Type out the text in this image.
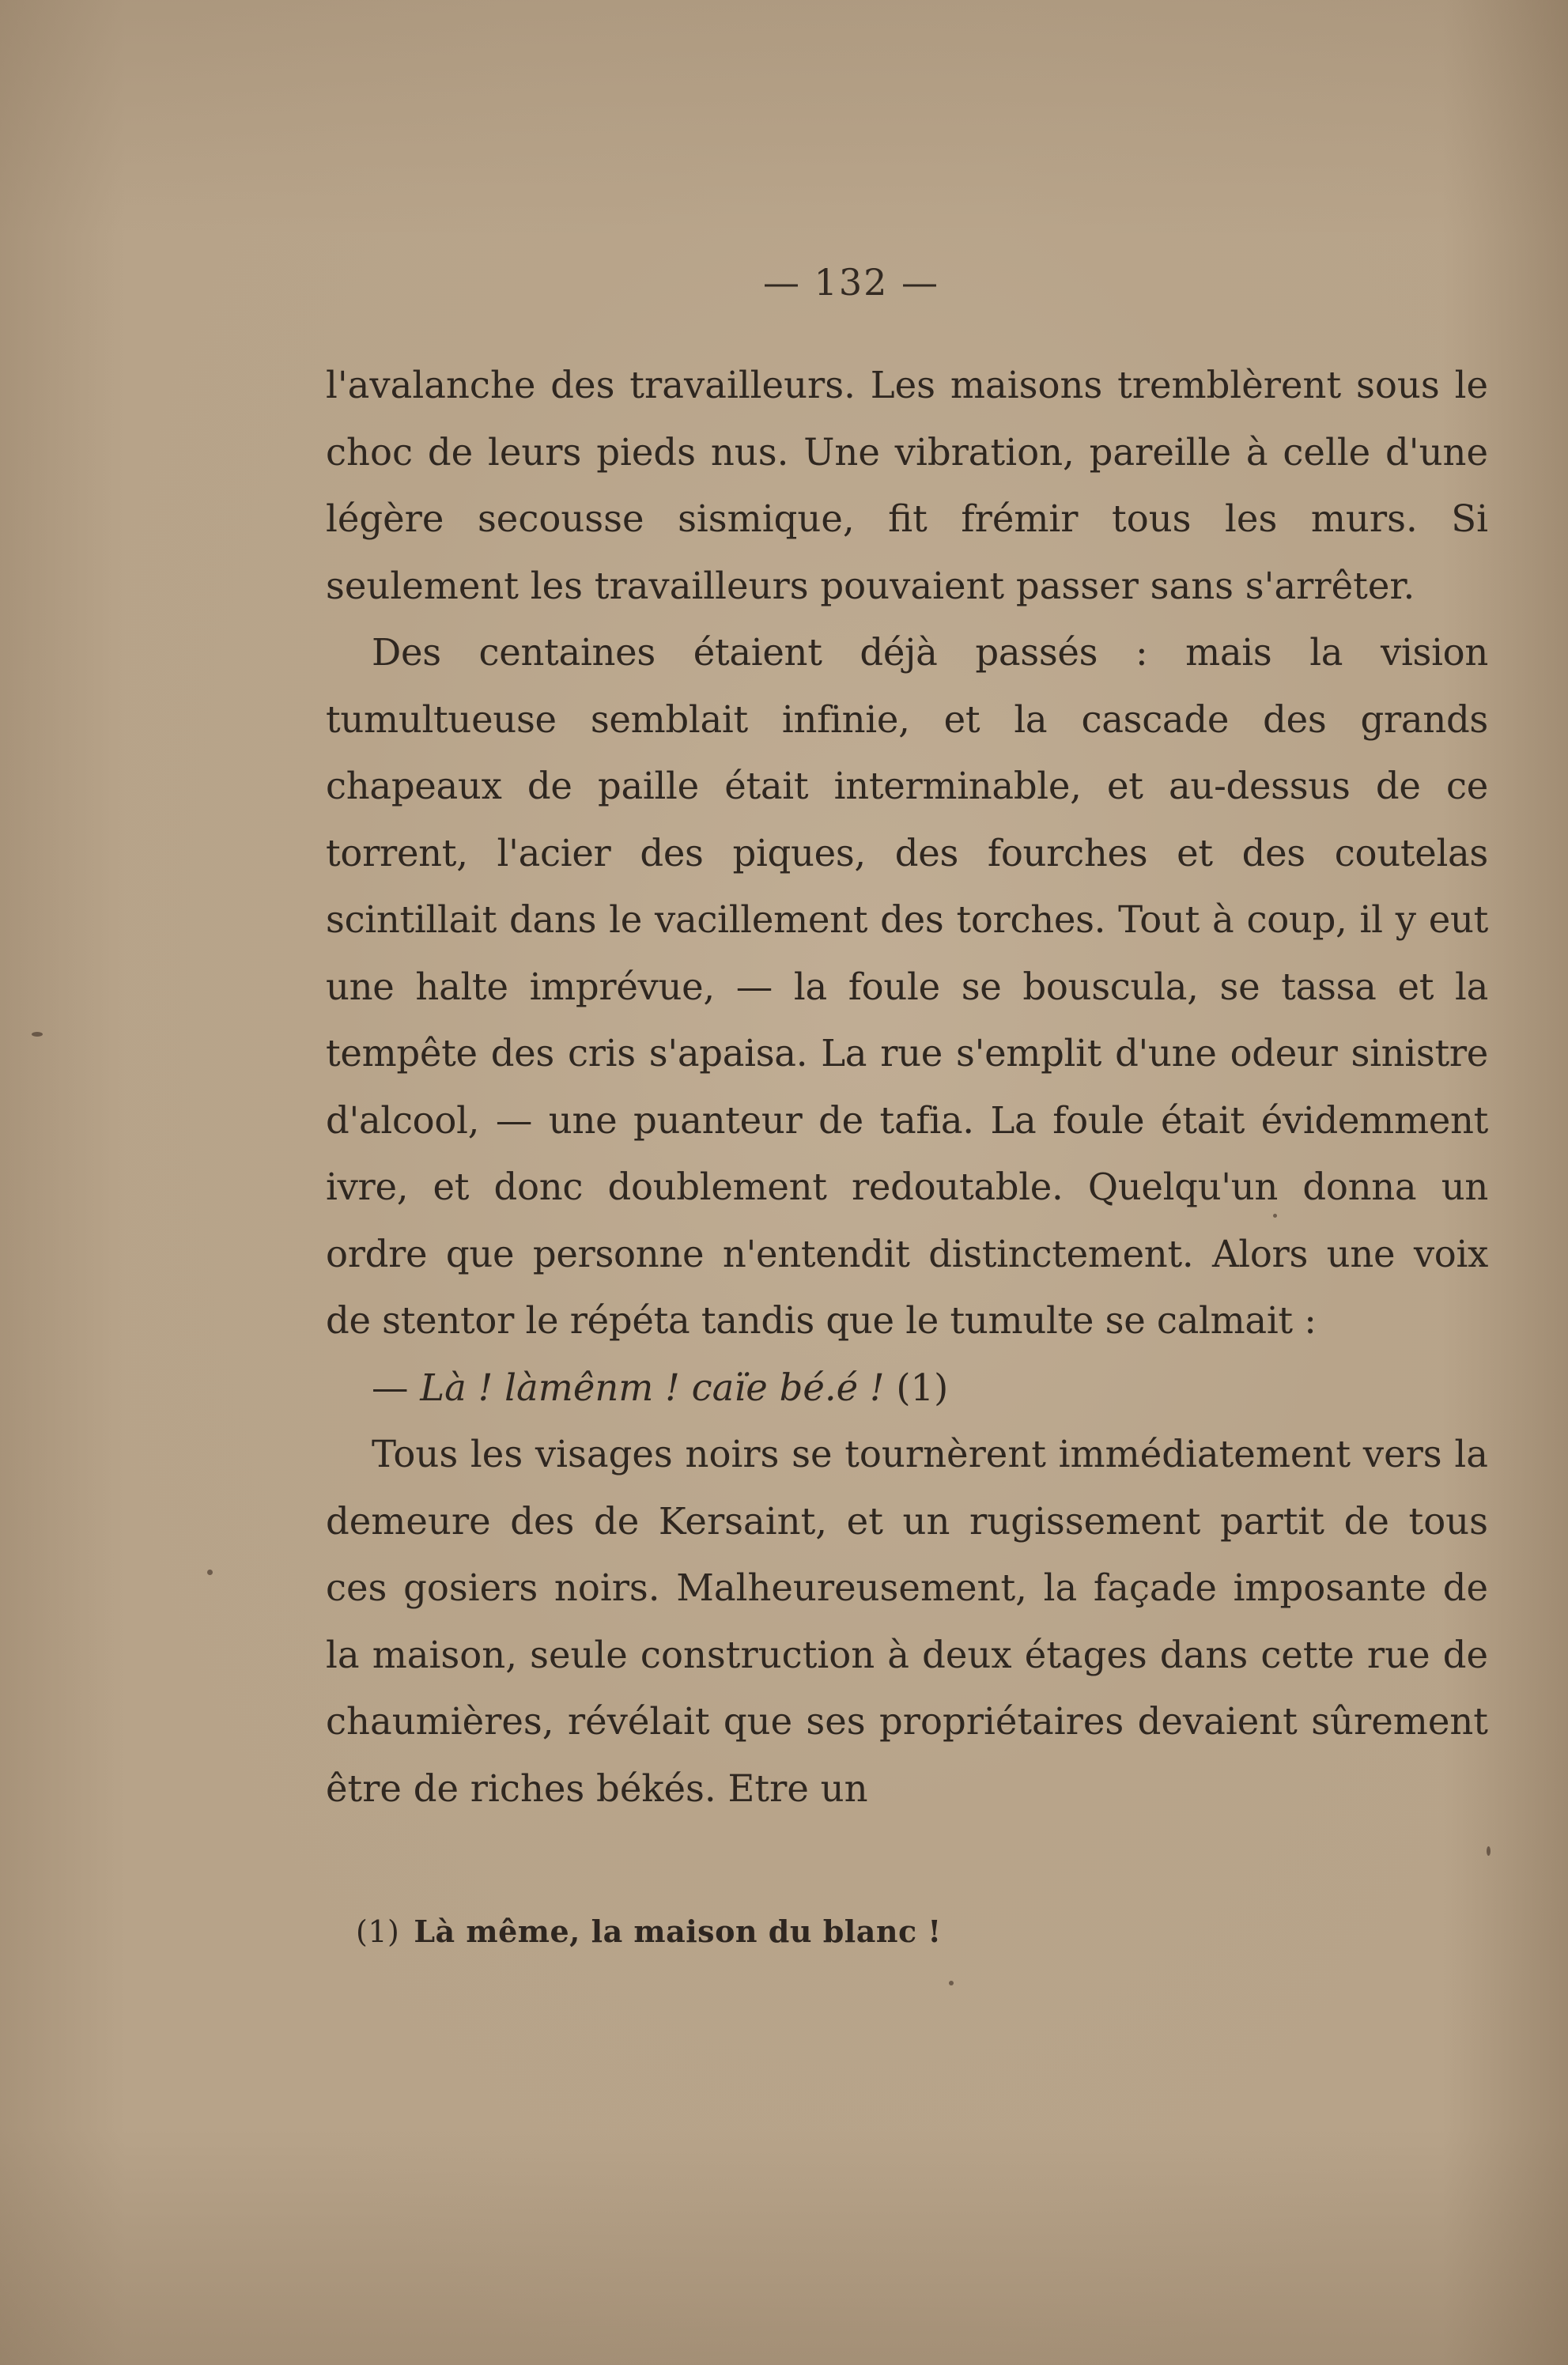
— 132 —

l'avalanche des travailleurs. Les maisons tremblèrent sous le choc de leurs pieds nus. Une vibration, pareille à celle d'une légère secousse sismique, fit frémir tous les murs. Si seulement les travailleurs pouvaient passer sans s'arrêter.

Des centaines étaient déjà passés : mais la vision tumultueuse semblait infinie, et la cascade des grands chapeaux de paille était interminable, et au-dessus de ce torrent, l'acier des piques, des fourches et des coutelas scintillait dans le vacillement des torches. Tout à coup, il y eut une halte imprévue, — la foule se bouscula, se tassa et la tempête des cris s'apaisa. La rue s'emplit d'une odeur sinistre d'alcool, — une puanteur de tafia. La foule était évidemment ivre, et donc doublement redoutable. Quelqu'un donna un ordre que personne n'entendit distinctement. Alors une voix de stentor le répéta tandis que le tumulte se calmait :

— Là ! làmênm ! caïe bé.é ! (1)

Tous les visages noirs se tournèrent immédiatement vers la demeure des de Kersaint, et un rugissement partit de tous ces gosiers noirs. Malheureusement, la façade imposante de la maison, seule construction à deux étages dans cette rue de chaumières, révélait que ses propriétaires devaient sûrement être de riches békés. Etre un

(1) Là même, la maison du blanc !
